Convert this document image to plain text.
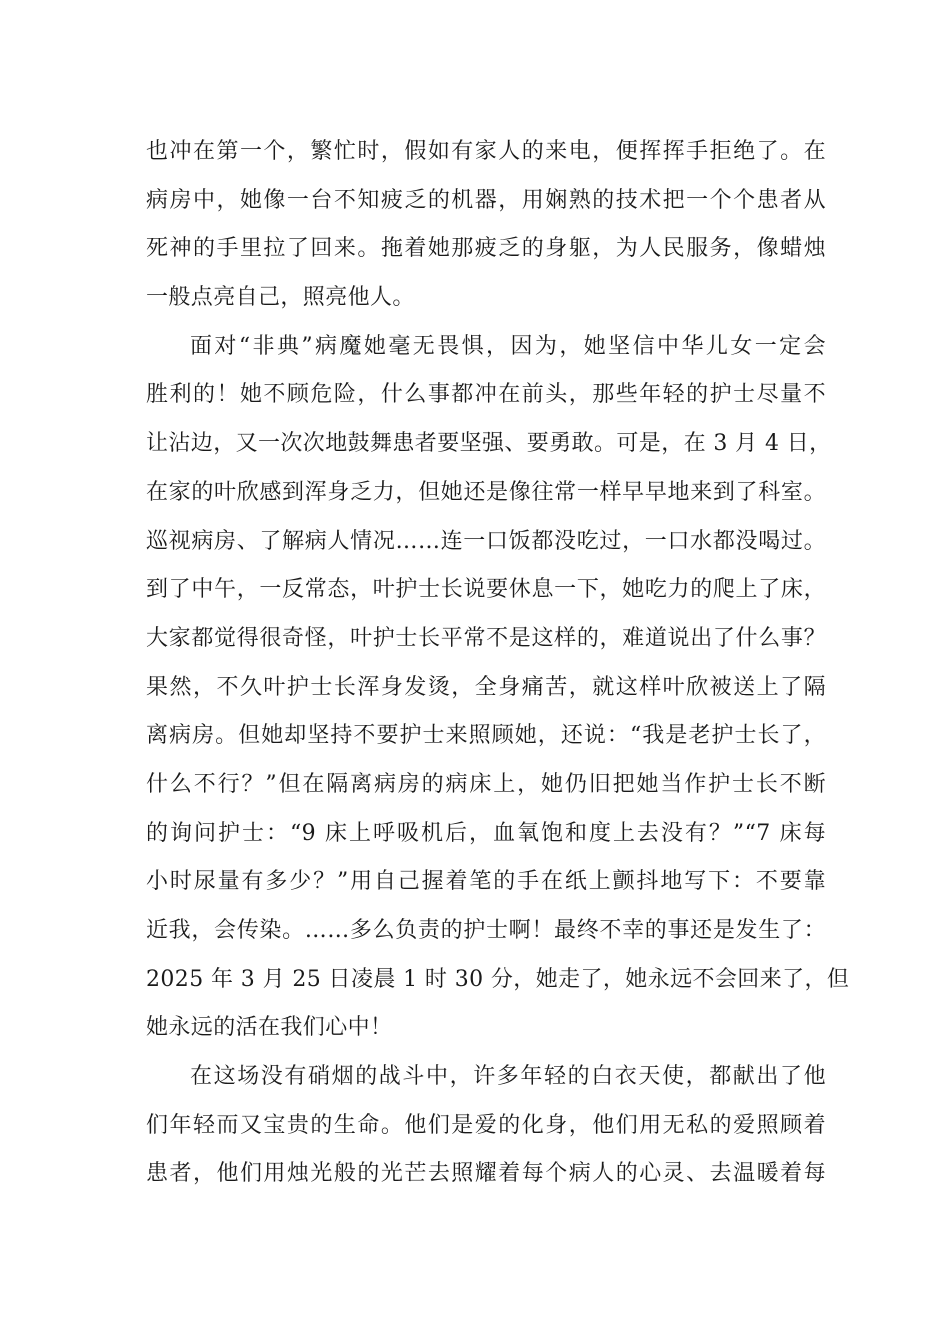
也冲在第一个，繁忙时，假如有家人的来电，便挥挥手拒绝了。在
病房中，她像一台不知疲乏的机器，用娴熟的技术把一个个患者从
死神的手里拉了回来。拖着她那疲乏的身躯，为人民服务，像蜡烛
一般点亮自己，照亮他人。
面对“非典”病魔她毫无畏惧，因为，她坚信中华儿女一定会
胜利的！她不顾危险，什么事都冲在前头，那些年轻的护士尽量不
让沾边，又一次次地鼓舞患者要坚强、要勇敢。可是，在 3 月 4 日，
在家的叶欣感到浑身乏力，但她还是像往常一样早早地来到了科室。
巡视病房、了解病人情况……连一口饭都没吃过，一口水都没喝过。
到了中午，一反常态，叶护士长说要休息一下，她吃力的爬上了床，
大家都觉得很奇怪，叶护士长平常不是这样的，难道说出了什么事？
果然，不久叶护士长浑身发烫，全身痛苦，就这样叶欣被送上了隔
离病房。但她却坚持不要护士来照顾她，还说：“我是老护士长了，
什么不行？”但在隔离病房的病床上，她仍旧把她当作护士长不断
的询问护士：“9 床上呼吸机后，血氧饱和度上去没有？”“7 床每
小时尿量有多少？”用自己握着笔的手在纸上颤抖地写下：不要靠
近我，会传染。……多么负责的护士啊！最终不幸的事还是发生了：
2025 年 3 月 25 日凌晨 1 时 30 分，她走了，她永远不会回来了，但
她永远的活在我们心中！
在这场没有硝烟的战斗中，许多年轻的白衣天使，都献出了他
们年轻而又宝贵的生命。他们是爱的化身，他们用无私的爱照顾着
患者，他们用烛光般的光芒去照耀着每个病人的心灵、去温暖着每
